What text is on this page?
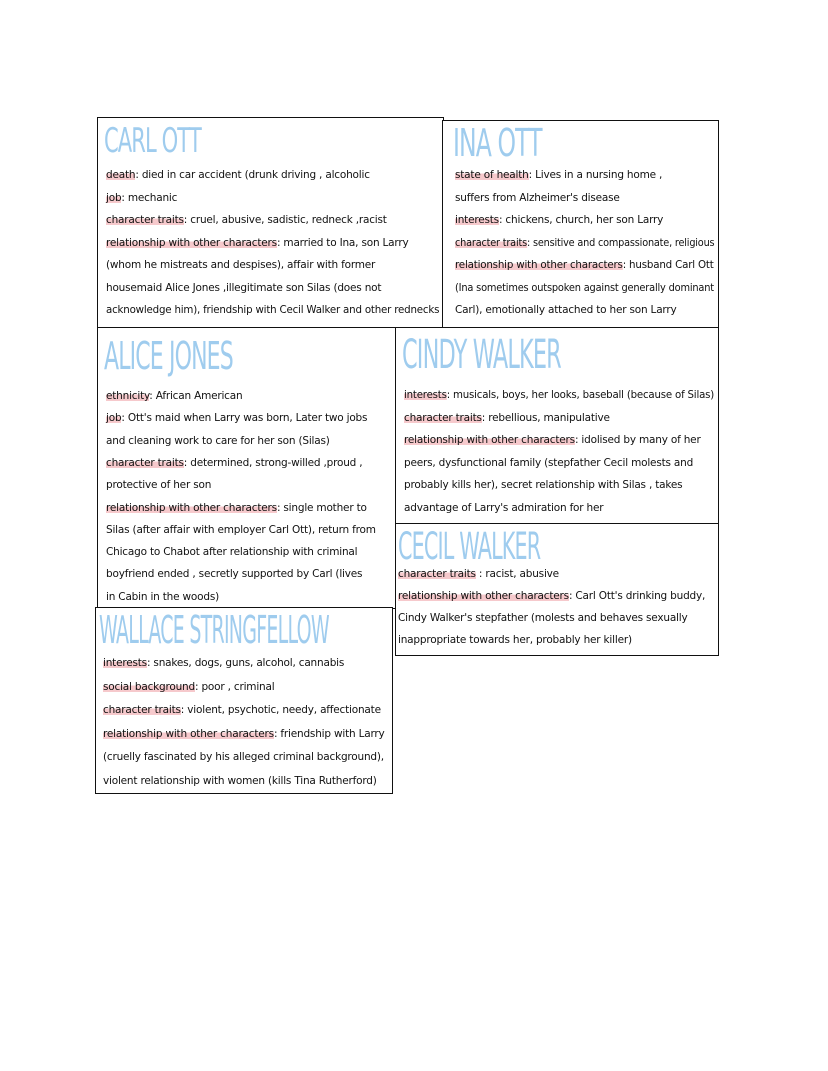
CARL OTT
death: died in car accident (drunk driving , alcoholic
job: mechanic
character traits: cruel, abusive, sadistic, redneck ,racist
relationship with other characters: married to Ina, son Larry
(whom he mistreats and despises), affair with former
housemaid Alice Jones ,illegitimate son Silas (does not
acknowledge him), friendship with Cecil Walker and other rednecks
INA OTT
state of health: Lives in a nursing home ,
suffers from Alzheimer's disease
interests: chickens, church, her son Larry
character traits: sensitive and compassionate, religious
relationship with other characters: husband Carl Ott
(Ina sometimes outspoken against generally dominant
Carl), emotionally attached to her son Larry
ALICE JONES
ethnicity: African American
job: Ott's maid when Larry was born, Later two jobs
and cleaning work to care for her son (Silas)
character traits: determined, strong-willed ,proud ,
protective of her son
relationship with other characters: single mother to
Silas (after affair with employer Carl Ott), return from
Chicago to Chabot after relationship with criminal
boyfriend ended , secretly supported by Carl (lives
in Cabin in the woods)
CINDY WALKER
interests: musicals, boys, her looks, baseball (because of Silas)
character traits: rebellious, manipulative
relationship with other characters: idolised by many of her
peers, dysfunctional family (stepfather Cecil molests and
probably kills her), secret relationship with Silas , takes
advantage of Larry's admiration for her
CECIL WALKER
character traits : racist, abusive
relationship with other characters: Carl Ott's drinking buddy,
Cindy Walker's stepfather (molests and behaves sexually
inappropriate towards her, probably her killer)
WALLACE STRINGFELLOW
interests: snakes, dogs, guns, alcohol, cannabis
social background: poor , criminal
character traits: violent, psychotic, needy, affectionate
relationship with other characters: friendship with Larry
(cruelly fascinated by his alleged criminal background),
violent relationship with women (kills Tina Rutherford)
